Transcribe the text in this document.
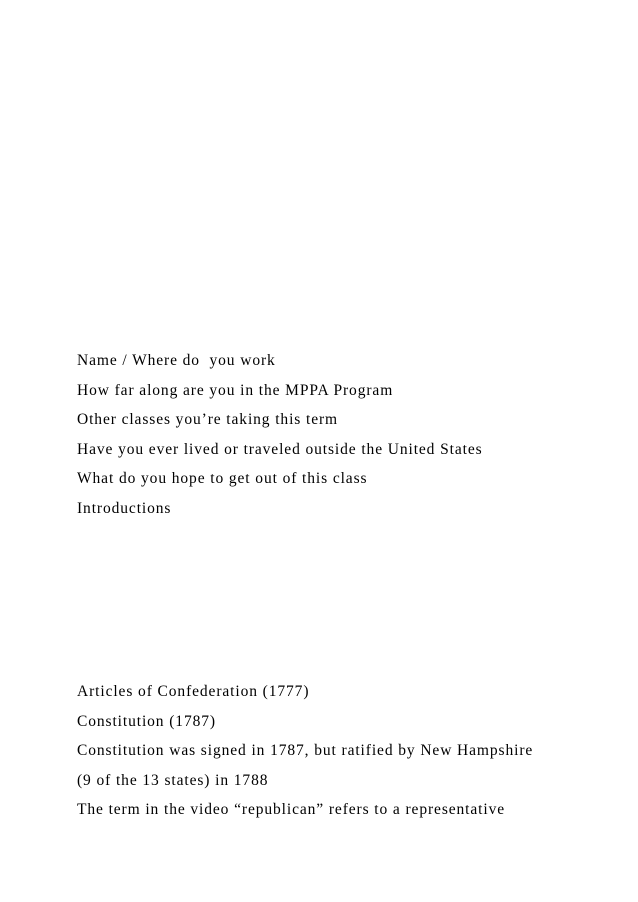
Name / Where do  you work
How far along are you in the MPPA Program
Other classes you’re taking this term
Have you ever lived or traveled outside the United States
What do you hope to get out of this class
Introductions
Articles of Confederation (1777)
Constitution (1787)
Constitution was signed in 1787, but ratified by New Hampshire
(9 of the 13 states) in 1788
The term in the video “republican” refers to a representative
